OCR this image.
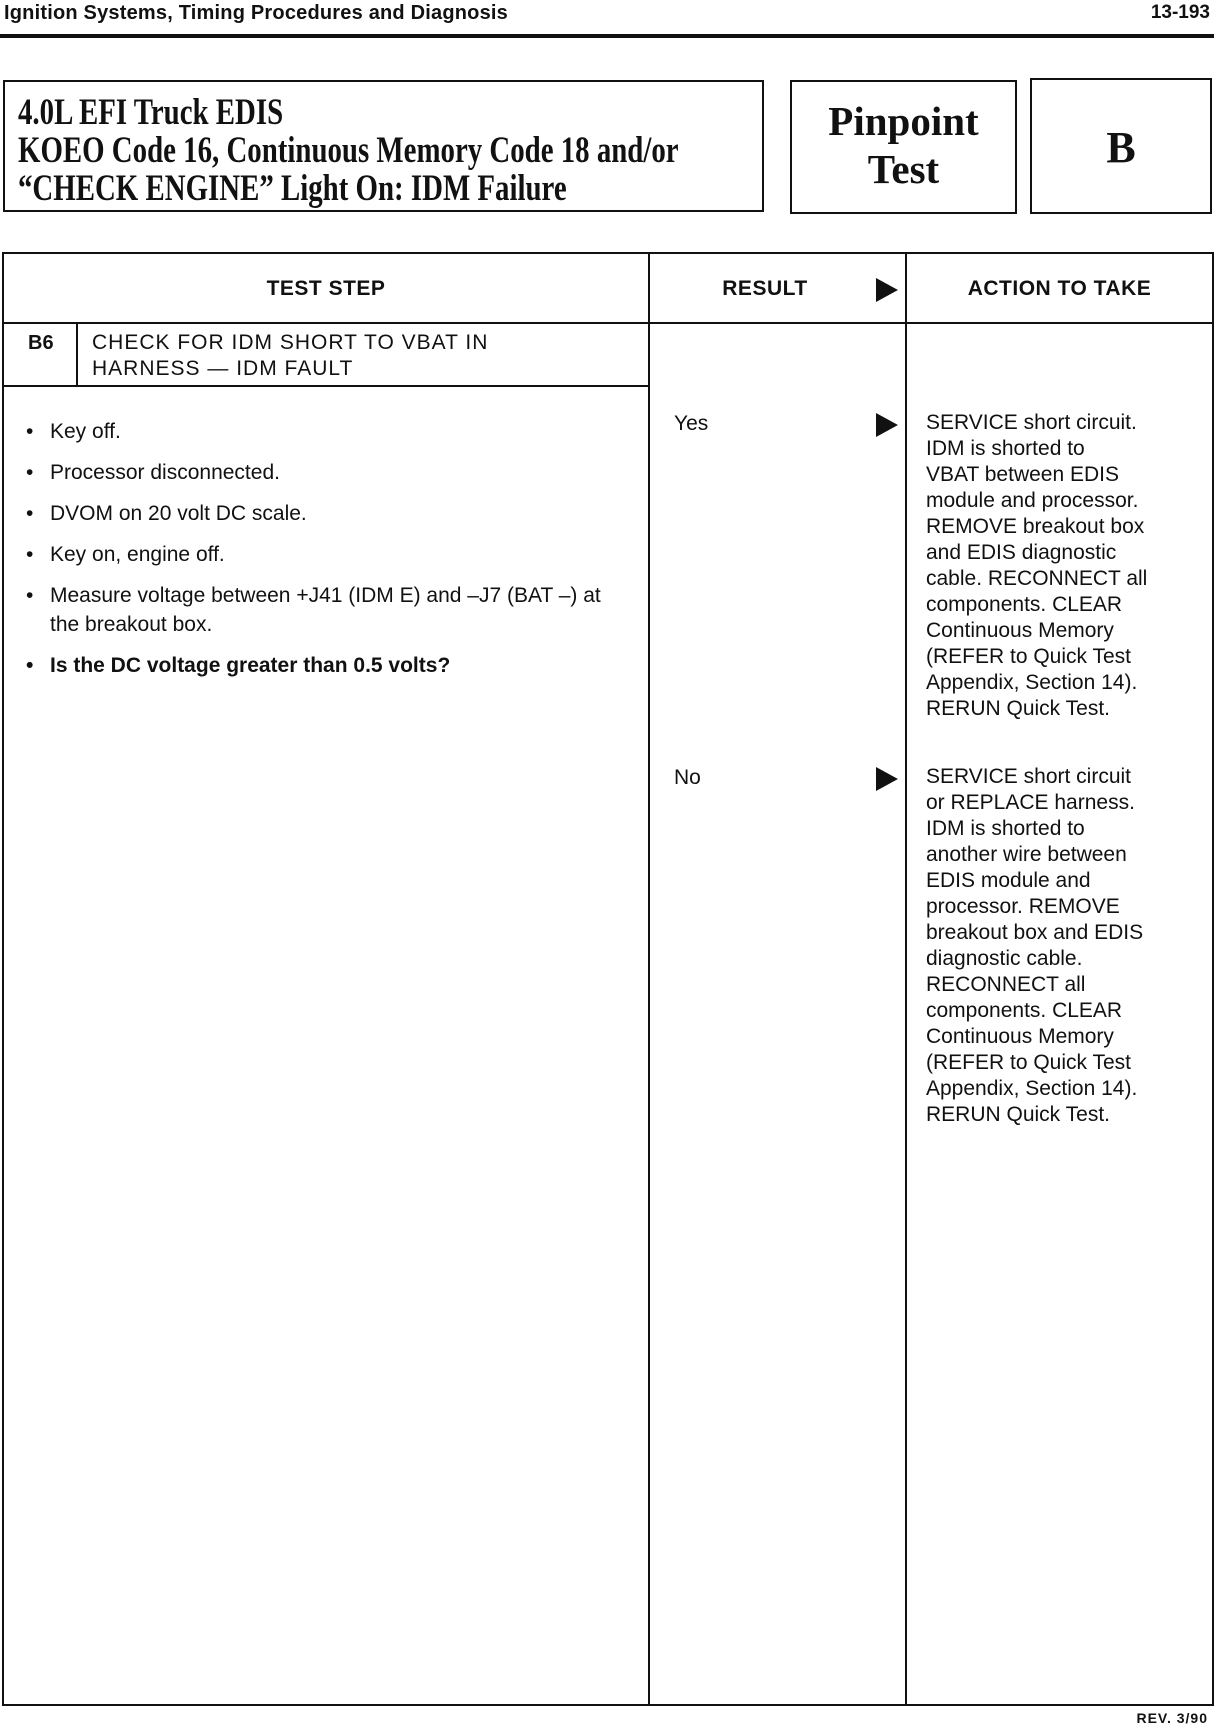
Ignition Systems, Timing Procedures and Diagnosis	13-193
4.0L EFI Truck EDIS
KOEO Code 16, Continuous Memory Code 18 and/or
“CHECK ENGINE” Light On: IDM Failure
Pinpoint
Test	B
TEST STEP	RESULT	ACTION TO TAKE
B6 CHECK FOR IDM SHORT TO VBAT IN
HARNESS — IDM FAULT
• Key off.
• Processor disconnected.
• DVOM on 20 volt DC scale.
• Key on, engine off.
• Measure voltage between +J41 (IDM E) and –J7 (BAT –) at the breakout box.
• Is the DC voltage greater than 0.5 volts?
Yes	SERVICE short circuit.
IDM is shorted to
VBAT between EDIS
module and processor.
REMOVE breakout box
and EDIS diagnostic
cable. RECONNECT all
components. CLEAR
Continuous Memory
(REFER to Quick Test
Appendix, Section 14).
RERUN Quick Test.
No	SERVICE short circuit
or REPLACE harness.
IDM is shorted to
another wire between
EDIS module and
processor. REMOVE
breakout box and EDIS
diagnostic cable.
RECONNECT all
components. CLEAR
Continuous Memory
(REFER to Quick Test
Appendix, Section 14).
RERUN Quick Test.
REV. 3/90
